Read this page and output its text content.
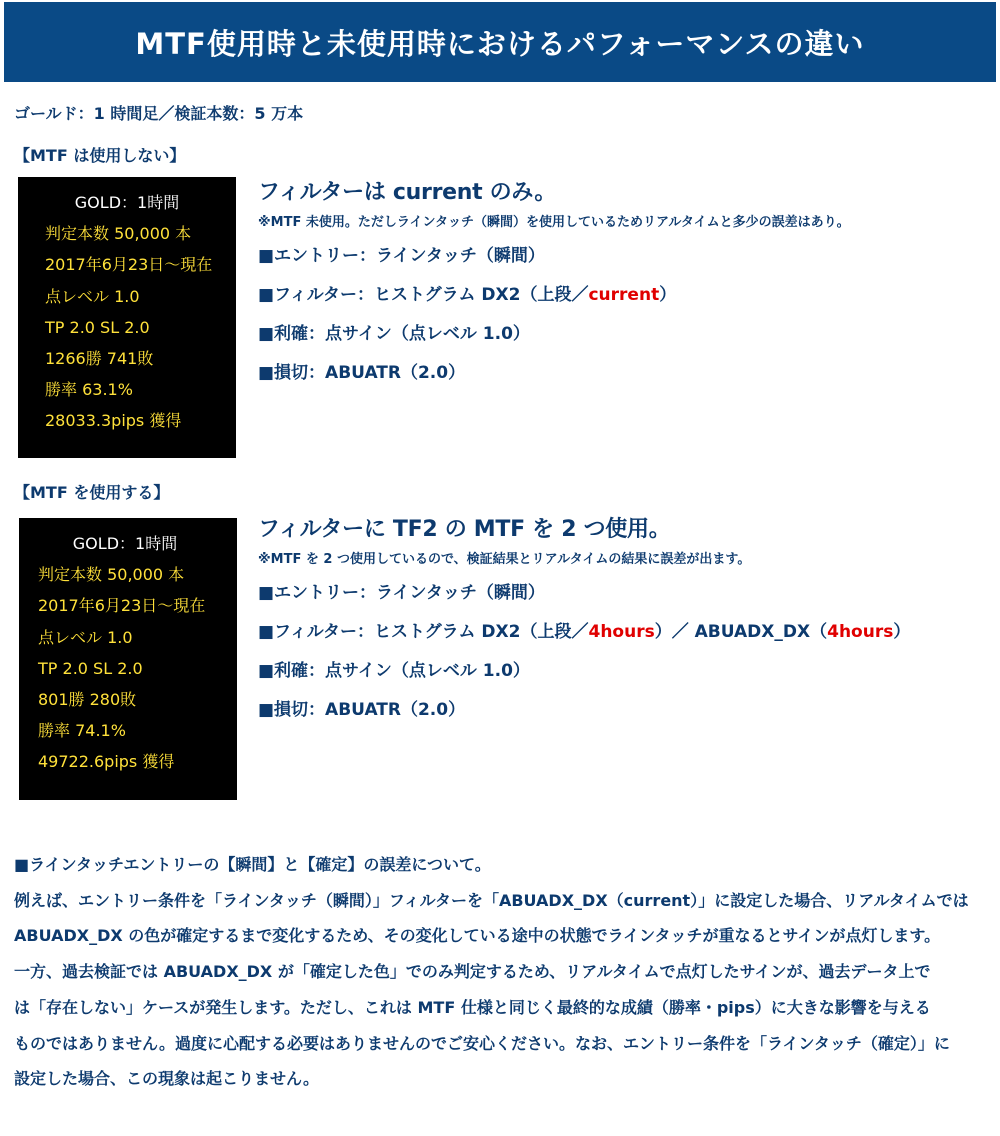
MTF使用時と未使用時におけるパフォーマンスの違い
ゴールド：1 時間足／検証本数：5 万本
【MTF は使用しない】
GOLD：1時間
判定本数 50,000 本
2017年6月23日～現在
点レベル 1.0
TP 2.0 SL 2.0
1266勝 741敗
勝率 63.1%
28033.3pips 獲得
フィルターは current のみ。
※MTF 未使用。ただしラインタッチ（瞬間）を使用しているためリアルタイムと多少の誤差はあり。
■エントリー：ラインタッチ（瞬間）
■フィルター：ヒストグラム DX2（上段／current）
■利確：点サイン（点レベル 1.0）
■損切：ABUATR（2.0）
【MTF を使用する】
GOLD：1時間
判定本数 50,000 本
2017年6月23日～現在
点レベル 1.0
TP 2.0 SL 2.0
801勝 280敗
勝率 74.1%
49722.6pips 獲得
フィルターに TF2 の MTF を 2 つ使用。
※MTF を 2 つ使用しているので、検証結果とリアルタイムの結果に誤差が出ます。
■エントリー：ラインタッチ（瞬間）
■フィルター：ヒストグラム DX2（上段／4hours）／ ABUADX_DX（4hours）
■利確：点サイン（点レベル 1.0）
■損切：ABUATR（2.0）
■ラインタッチエントリーの【瞬間】と【確定】の誤差について。
例えば、エントリー条件を「ラインタッチ（瞬間）」フィルターを「ABUADX_DX（current）」に設定した場合、リアルタイムでは
ABUADX_DX の色が確定するまで変化するため、その変化している途中の状態でラインタッチが重なるとサインが点灯します。
一方、過去検証では ABUADX_DX が「確定した色」でのみ判定するため、リアルタイムで点灯したサインが、過去データ上で
は「存在しない」ケースが発生します。ただし、これは MTF 仕様と同じく最終的な成績（勝率・pips）に大きな影響を与える
ものではありません。過度に心配する必要はありませんのでご安心ください。なお、エントリー条件を「ラインタッチ（確定）」に
設定した場合、この現象は起こりません。
